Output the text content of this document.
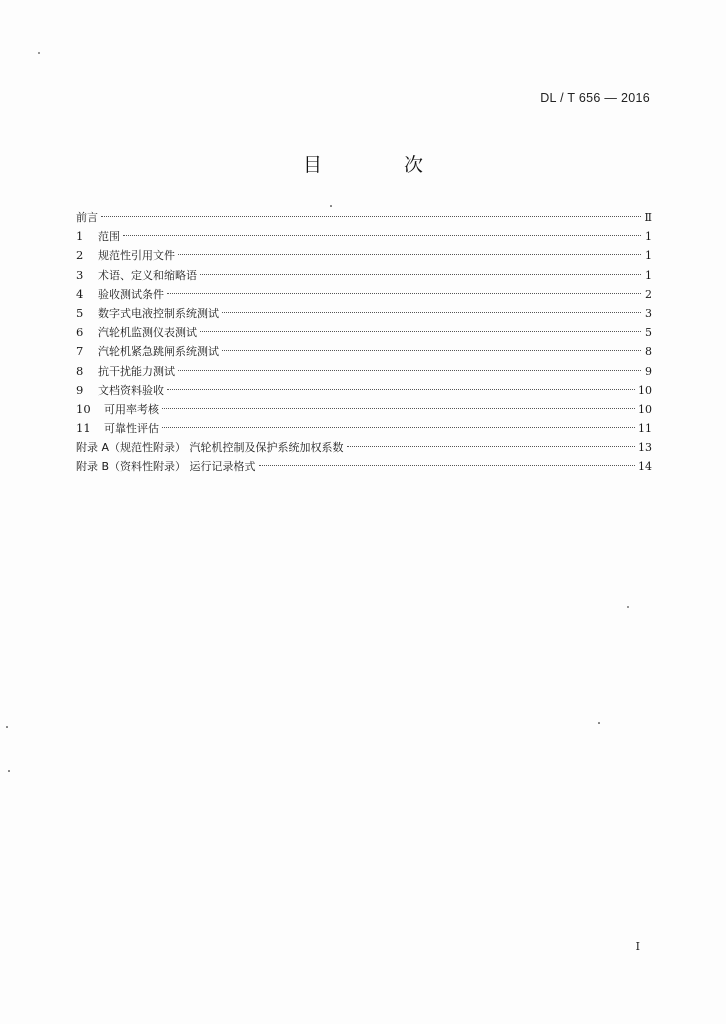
DL / T 656 — 2016
目 次
前言	Ⅱ
1	范围	1
2	规范性引用文件	1
3	术语、定义和缩略语	1
4	验收测试条件	2
5	数字式电液控制系统测试	3
6	汽轮机监测仪表测试	5
7	汽轮机紧急跳闸系统测试	8
8	抗干扰能力测试	9
9	文档资料验收	10
10	可用率考核	10
11	可靠性评估	11
附录 A（规范性附录） 汽轮机控制及保护系统加权系数	13
附录 B（资料性附录） 运行记录格式	14
I
